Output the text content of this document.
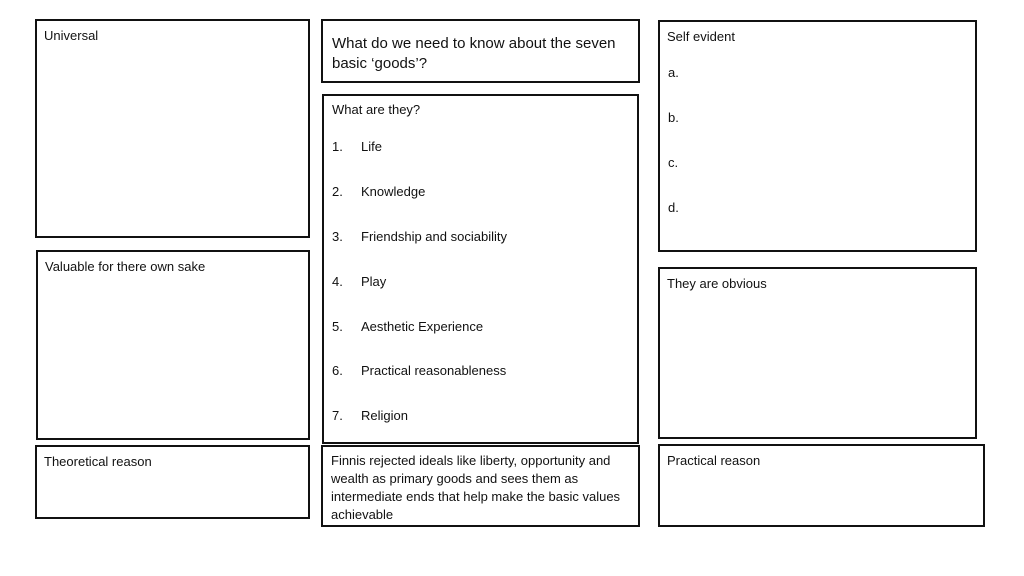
Universal
Valuable for there own sake
Theoretical reason
What do we need to know about the seven basic ‘goods’?
What are they?
1.	Life
2.	Knowledge
3.	Friendship and sociability
4.	Play
5.	Aesthetic Experience
6.	Practical reasonableness
7.	Religion
Finnis rejected ideals like liberty, opportunity and wealth as primary goods and sees them as intermediate ends that help make the basic values achievable
Self evident
a.
b.
c.
d.
They are obvious
Practical reason
